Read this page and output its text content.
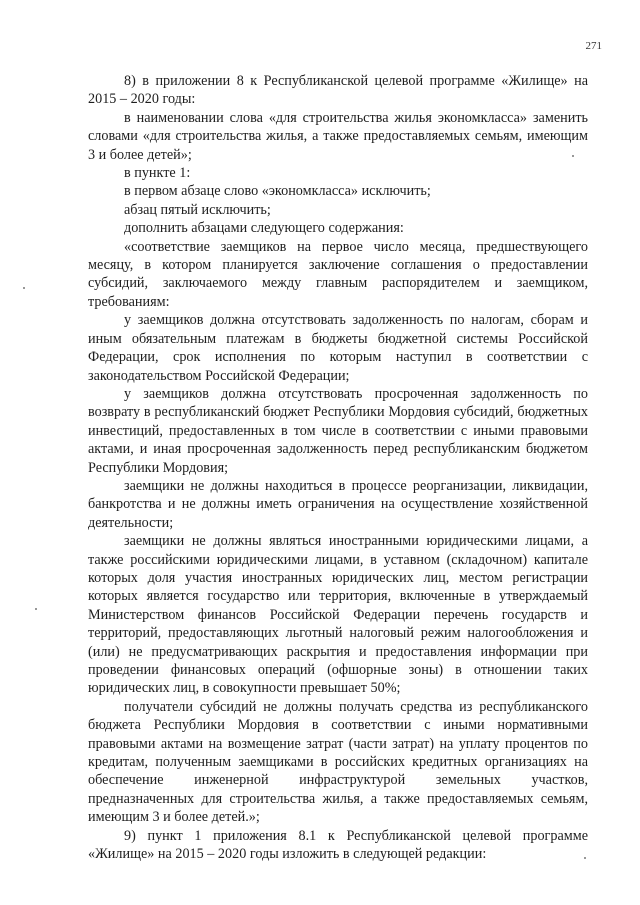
271

8) в приложении 8 к Республиканской целевой программе «Жилище» на 2015 – 2020 годы:

в наименовании слова «для строительства жилья экономкласса» заменить словами «для строительства жилья, а также предоставляемых семьям, имеющим 3 и более детей»;

в пункте 1:

в первом абзаце слово «экономкласса» исключить;

абзац пятый исключить;

дополнить абзацами следующего содержания:

«соответствие заемщиков на первое число месяца, предшествующего месяцу, в котором планируется заключение соглашения о предоставлении субсидий, заключаемого между главным распорядителем и заемщиком, требованиям:

у заемщиков должна отсутствовать задолженность по налогам, сборам и иным обязательным платежам в бюджеты бюджетной системы Российской Федерации, срок исполнения по которым наступил в соответствии с законодательством Российской Федерации;

у заемщиков должна отсутствовать просроченная задолженность по возврату в республиканский бюджет Республики Мордовия субсидий, бюджетных инвестиций, предоставленных в том числе в соответствии с иными правовыми актами, и иная просроченная задолженность перед республиканским бюджетом Республики Мордовия;

заемщики не должны находиться в процессе реорганизации, ликвидации, банкротства и не должны иметь ограничения на осуществление хозяйственной деятельности;

заемщики не должны являться иностранными юридическими лицами, а также российскими юридическими лицами, в уставном (складочном) капитале которых доля участия иностранных юридических лиц, местом регистрации которых является государство или территория, включенные в утверждаемый Министерством финансов Российской Федерации перечень государств и территорий, предоставляющих льготный налоговый режим налогообложения и (или) не предусматривающих раскрытия и предоставления информации при проведении финансовых операций (офшорные зоны) в отношении таких юридических лиц, в совокупности превышает 50%;

получатели субсидий не должны получать средства из республиканского бюджета Республики Мордовия в соответствии с иными нормативными правовыми актами на возмещение затрат (части затрат) на уплату процентов по кредитам, полученным заемщиками в российских кредитных организациях на обеспечение инженерной инфраструктурой земельных участков, предназначенных для строительства жилья, а также предоставляемых семьям, имеющим 3 и более детей.»;

9) пункт 1 приложения 8.1 к Республиканской целевой программе «Жилище» на 2015 – 2020 годы изложить в следующей редакции:
